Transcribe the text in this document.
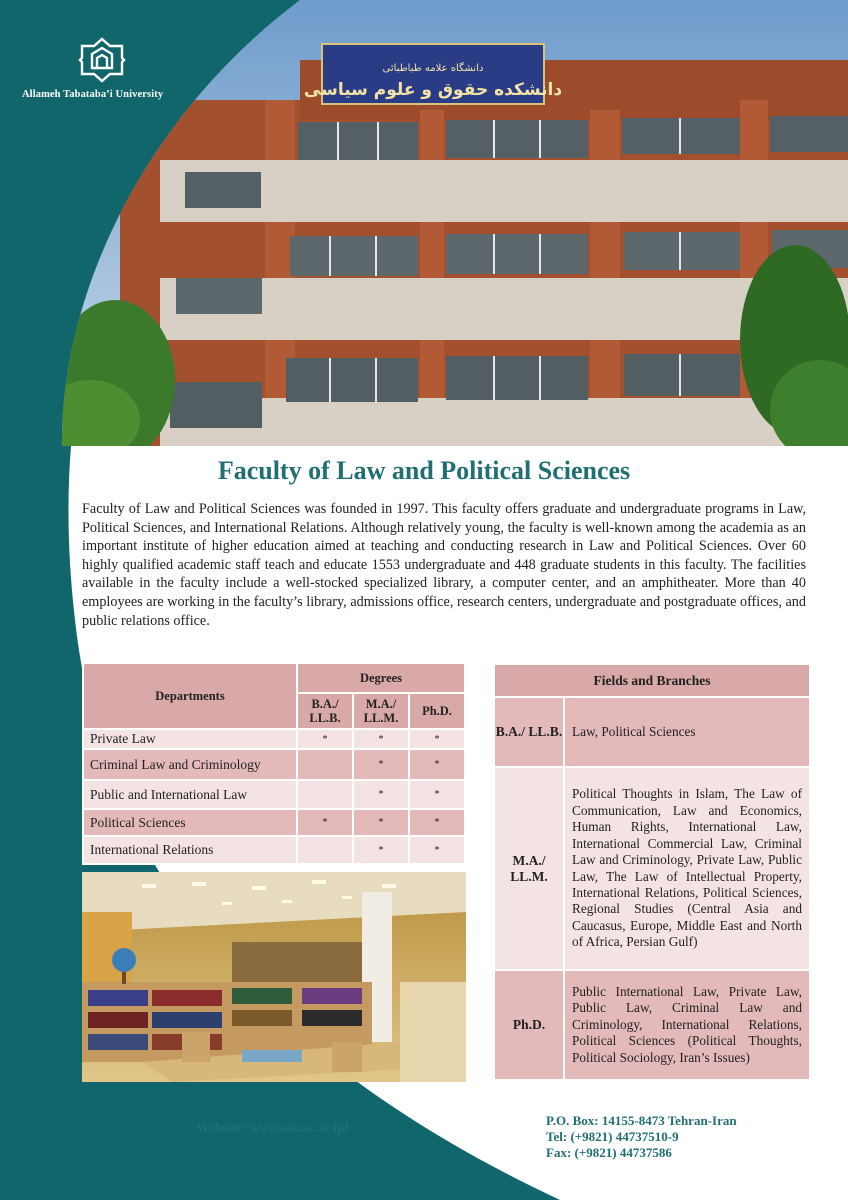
دانشگاه علامه طباطبائی
دانشکده حقوق و علوم سیاسی
Allameh Tabataba’i University
Faculty of Law and Political Sciences

Faculty of Law and Political Sciences was founded in 1997. This faculty offers graduate and undergraduate programs in Law, Political Sciences, and International Relations. Although relatively young, the faculty is well-known among the academia as an important institute of higher education aimed at teaching and conducting research in Law and Political Sciences. Over 60 highly qualified academic staff teach and educate 1553 undergraduate and 448 graduate students in this faculty. The facilities available in the faculty include a well-stocked specialized library, a computer center, and an amphitheater. More than 40 employees are working in the faculty’s library, admissions office, research centers, undergraduate and postgraduate offices, and public relations office.

Departments	Degrees		
	B.A./ LL.B.	M.A./ LL.M.	Ph.D.
Private Law	*	*	*
Criminal Law and Criminology		*	*
Public and International Law		*	*
Political Sciences	*	*	*
International Relations		*	*
Fields and Branches	
B.A./ LL.B.	Law, Political Sciences
M.A./ LL.M.	Political Thoughts in Islam, The Law of Communication, Law and Economics, Human Rights, International Law, International Commercial Law, Criminal Law and Criminology, Private Law, Public Law, The Law of Intellectual Property, International Relations, Political Sciences, Regional Studies (Central Asia and Caucasus, Europe, Middle East and North of Africa, Persian Gulf)
Ph.D.	Public International Law, Private Law, Public Law, Criminal Law and Criminology, International Relations, Political Sciences (Political Thoughts, Political Sociology, Iran’s Issues)
Website: www.atu.ac.ir/lpf	P.O. Box: 14155-8473 Tehran-Iran
Tel: (+9821) 44737510-9
Fax: (+9821) 44737586
